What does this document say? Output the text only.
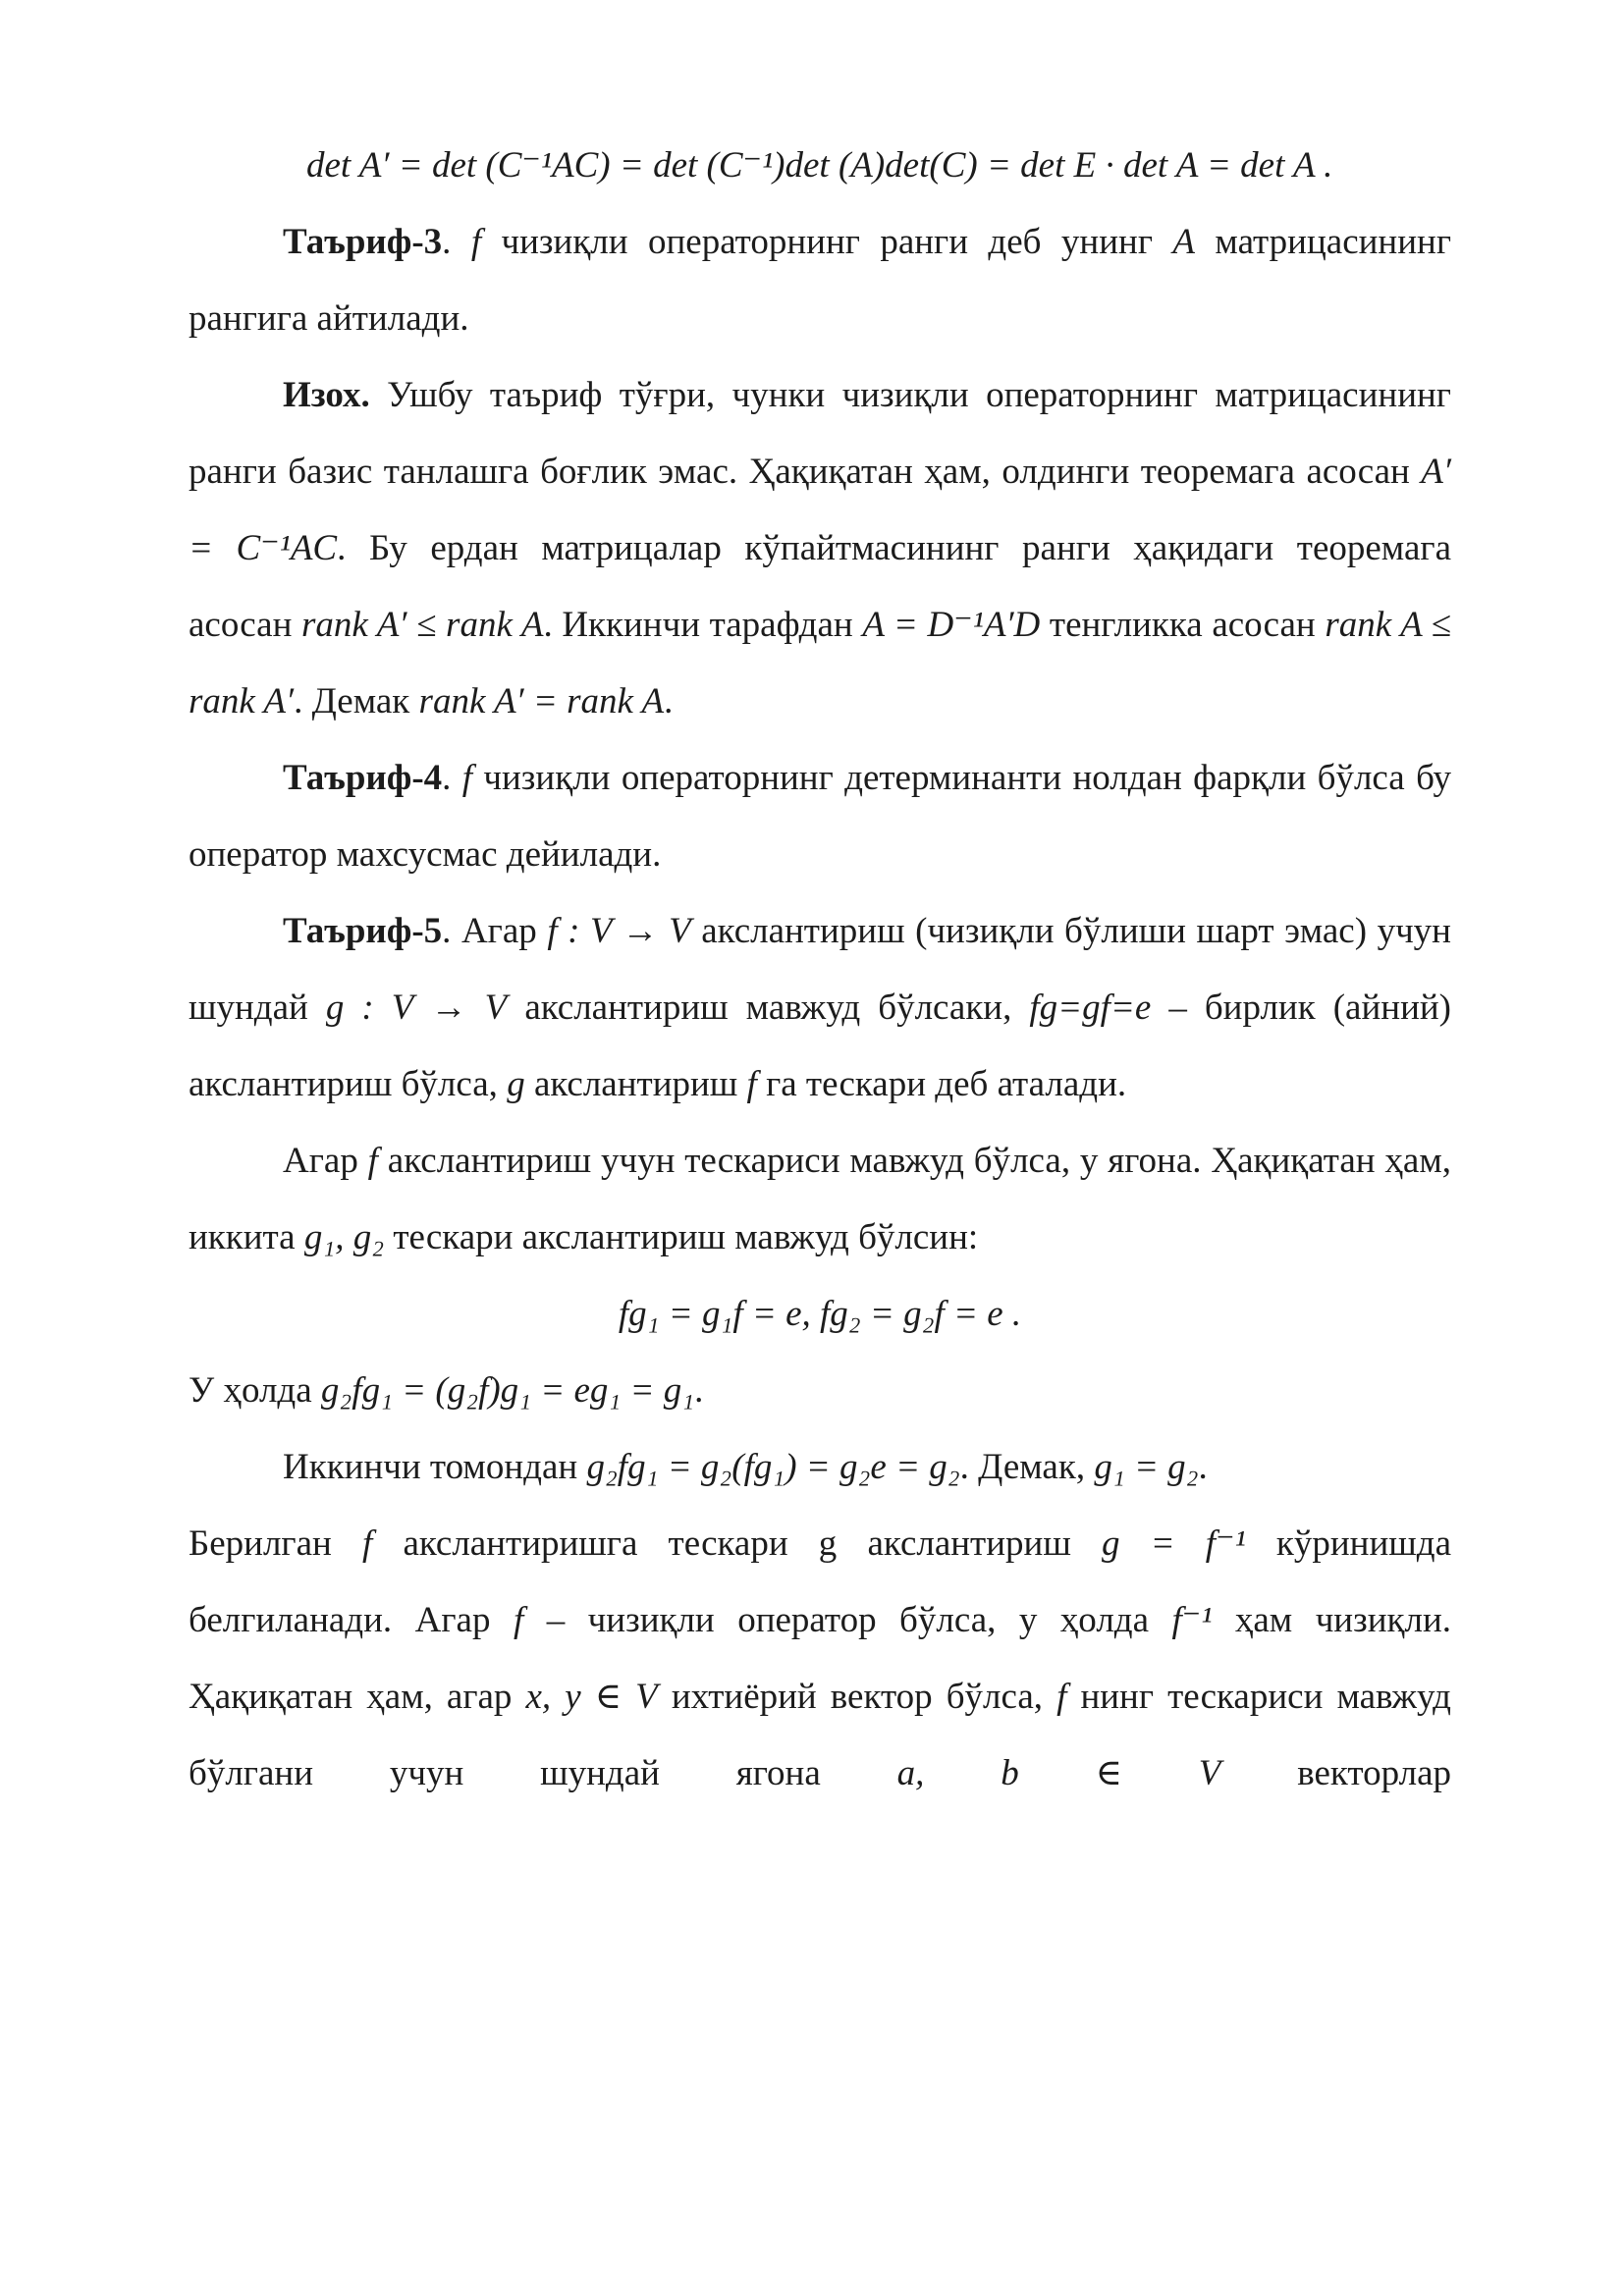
det A′ = det (C⁻¹AC) = det (C⁻¹)det (A)det(C) = det E · det A = det A .

Таъриф-3. f чизиқли операторнинг ранги деб унинг A матрицасининг рангига айтилади.

Изох. Ушбу таъриф тўғри, чунки чизиқли операторнинг матрицасининг ранги базис танлашга боғлик эмас. Ҳақиқатан ҳам, олдинги теоремага асосан A′ = C⁻¹AC. Бу ердан матрицалар кўпайтмасининг ранги ҳақидаги теоремага асосан rank A′ ≤ rank A. Иккинчи тарафдан A = D⁻¹A′D тенгликка асосан rank A ≤ rank A′. Демак rank A′ = rank A.

Таъриф-4. f чизиқли операторнинг детерминанти нолдан фарқли бўлса бу оператор махсусмас дейилади.

Таъриф-5. Агар f : V → V акслантириш (чизиқли бўлиши шарт эмас) учун шундай g : V → V акслантириш мавжуд бўлсаки, fg=gf=e – бирлик (айний) акслантириш бўлса, g акслантириш f га тескари деб аталади.

Агар f акслантириш учун тескариси мавжуд бўлса, у ягона. Ҳақиқатан ҳам, иккита g₁, g₂ тескари акслантириш мавжуд бўлсин:

fg₁ = g₁f = e, fg₂ = g₂f = e .

У ҳолда g₂fg₁ = (g₂f)g₁ = eg₁ = g₁.

Иккинчи томондан g₂fg₁ = g₂(fg₁) = g₂e = g₂. Демак, g₁ = g₂.

Берилган f акслантиришга тескари g акслантириш g = f⁻¹ кўринишда белгиланади. Агар f – чизиқли оператор бўлса, у ҳолда f⁻¹ ҳам чизиқли. Ҳақиқатан ҳам, агар x, y ∈ V ихтиёрий вектор бўлса, f нинг тескариси мавжуд бўлгани учун шундай ягона a, b ∈ V векторлар
